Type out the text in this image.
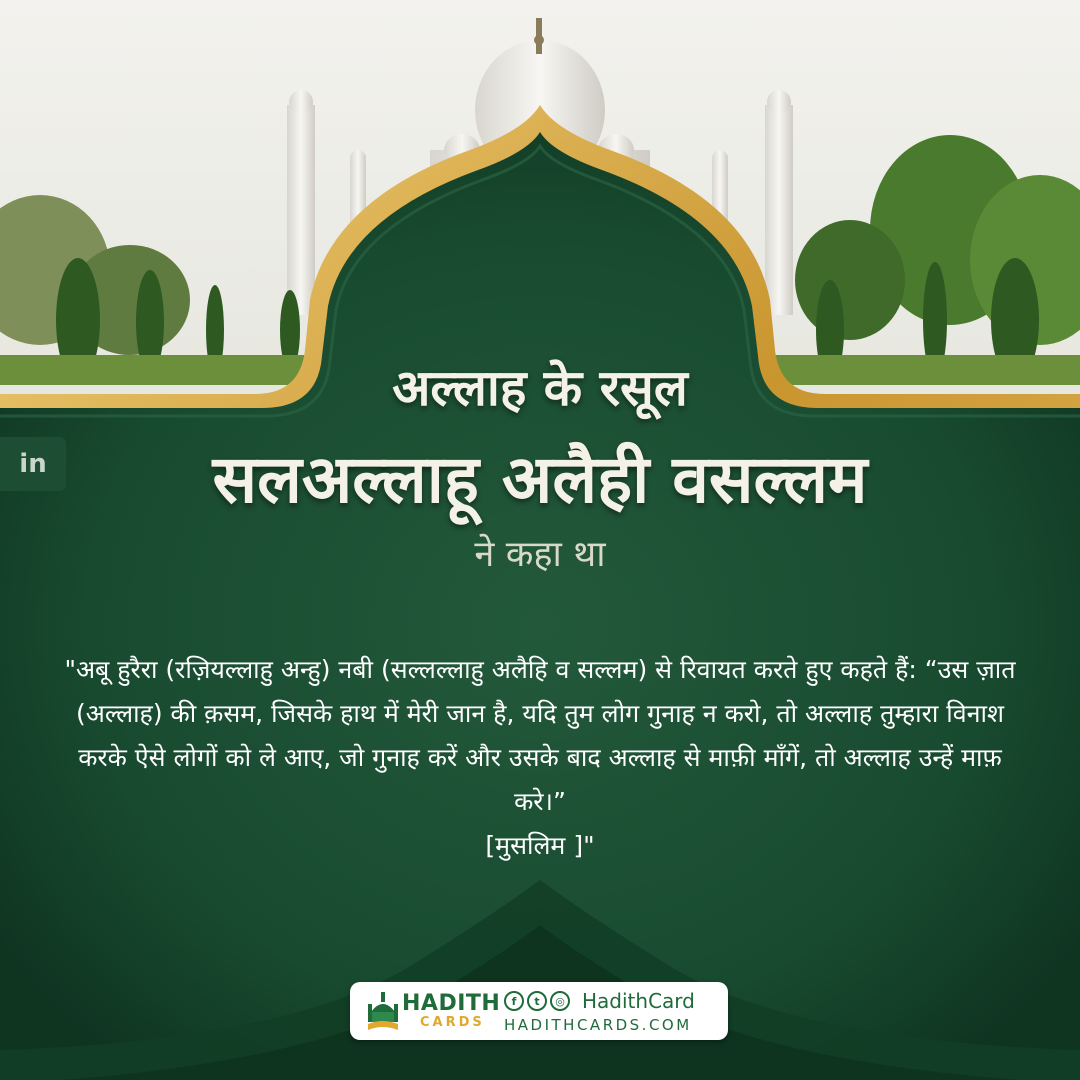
in
अल्लाह के रसूल
सलअल्लाहू अलैही वसल्लम
ने कहा था
"अबू हुरैरा (रज़ियल्लाहु अन्हु) नबी (सल्लल्लाहु अलैहि व सल्लम) से रिवायत करते हुए कहते हैं: “उस ज़ात (अल्लाह) की क़सम, जिसके हाथ में मेरी जान है, यदि तुम लोग गुनाह न करो, तो अल्लाह तुम्हारा विनाश करके ऐसे लोगों को ले आए, जो गुनाह करें और उसके बाद अल्लाह से माफ़ी माँगें, तो अल्लाह उन्हें माफ़ करे।”
[मुसलिम ]"
HADITH
CARDS
f	t	◎ HadithCard
HADITHCARDS.COM
